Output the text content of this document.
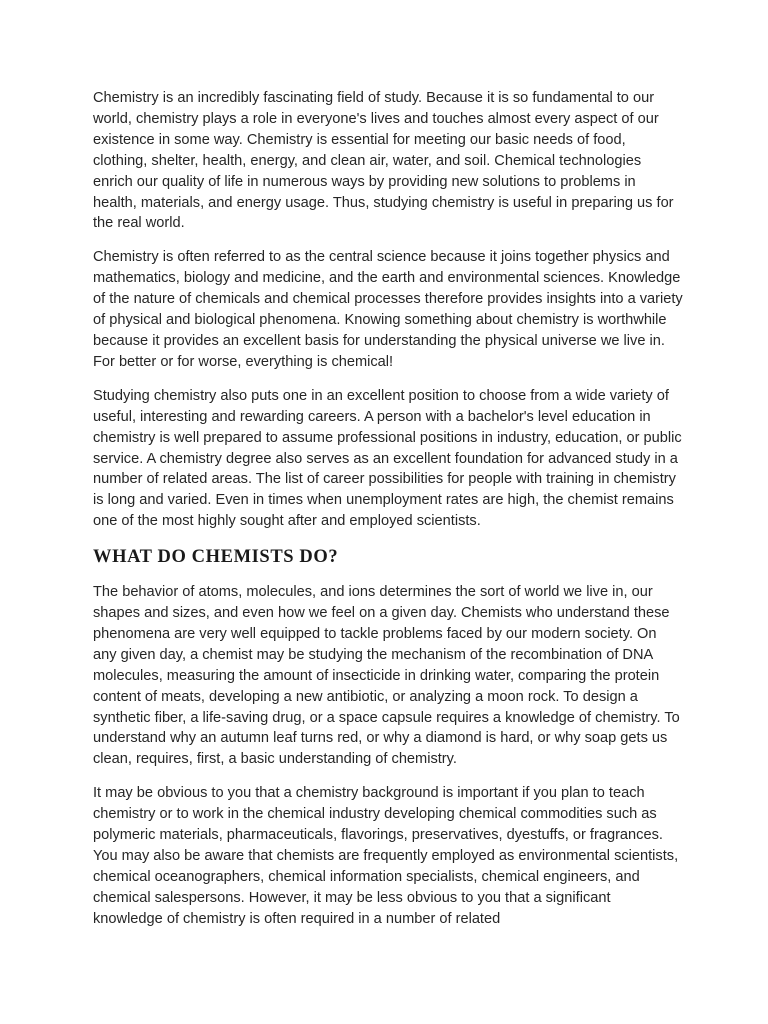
Chemistry is an incredibly fascinating field of study. Because it is so fundamental to our world, chemistry plays a role in everyone's lives and touches almost every aspect of our existence in some way. Chemistry is essential for meeting our basic needs of food, clothing, shelter, health, energy, and clean air, water, and soil. Chemical technologies enrich our quality of life in numerous ways by providing new solutions to problems in health, materials, and energy usage. Thus, studying chemistry is useful in preparing us for the real world.

Chemistry is often referred to as the central science because it joins together physics and mathematics, biology and medicine, and the earth and environmental sciences. Knowledge of the nature of chemicals and chemical processes therefore provides insights into a variety of physical and biological phenomena. Knowing something about chemistry is worthwhile because it provides an excellent basis for understanding the physical universe we live in. For better or for worse, everything is chemical!

Studying chemistry also puts one in an excellent position to choose from a wide variety of useful, interesting and rewarding careers. A person with a bachelor's level education in chemistry is well prepared to assume professional positions in industry, education, or public service. A chemistry degree also serves as an excellent foundation for advanced study in a number of related areas. The list of career possibilities for people with training in chemistry is long and varied. Even in times when unemployment rates are high, the chemist remains one of the most highly sought after and employed scientists.

WHAT DO CHEMISTS DO?

The behavior of atoms, molecules, and ions determines the sort of world we live in, our shapes and sizes, and even how we feel on a given day. Chemists who understand these phenomena are very well equipped to tackle problems faced by our modern society. On any given day, a chemist may be studying the mechanism of the recombination of DNA molecules, measuring the amount of insecticide in drinking water, comparing the protein content of meats, developing a new antibiotic, or analyzing a moon rock. To design a synthetic fiber, a life-saving drug, or a space capsule requires a knowledge of chemistry. To understand why an autumn leaf turns red, or why a diamond is hard, or why soap gets us clean, requires, first, a basic understanding of chemistry.

It may be obvious to you that a chemistry background is important if you plan to teach chemistry or to work in the chemical industry developing chemical commodities such as polymeric materials, pharmaceuticals, flavorings, preservatives, dyestuffs, or fragrances. You may also be aware that chemists are frequently employed as environmental scientists, chemical oceanographers, chemical information specialists, chemical engineers, and chemical salespersons. However, it may be less obvious to you that a significant knowledge of chemistry is often required in a number of related
